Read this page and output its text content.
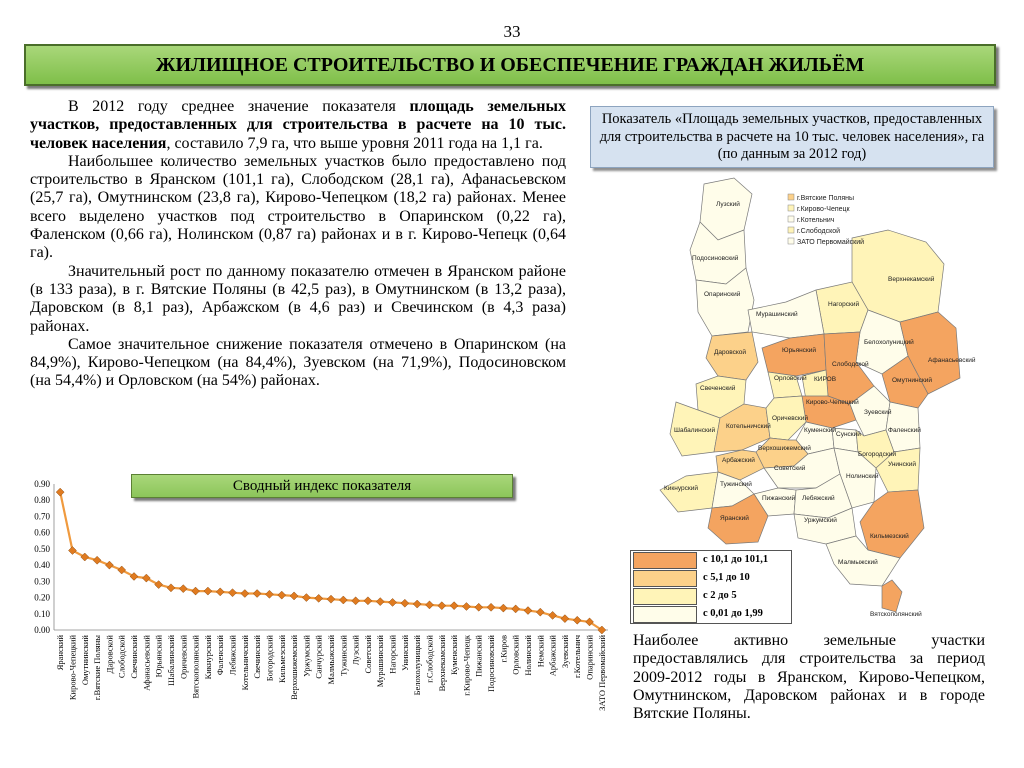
33
ЖИЛИЩНОЕ СТРОИТЕЛЬСТВО И ОБЕСПЕЧЕНИЕ ГРАЖДАН ЖИЛЬЁМ

В 2012 году среднее значение показателя площадь земельных участков, предоставленных для строительства в расчете на 10 тыс. человек населения, составило 7,9 га, что выше уровня 2011 года на 1,1 га.

Наибольшее количество земельных участков было предоставлено под строительство в Яранском (101,1 га), Слободском (28,1 га), Афанасьевском (25,7 га), Омутнинском (23,8 га), Кирово-Чепецком (18,2 га) районах. Менее всего выделено участков под строительство в Опаринском (0,22 га), Фаленском (0,66 га), Нолинском (0,87 га) районах и в г. Кирово-Чепецк (0,64 га).

Значительный рост по данному показателю отмечен в Яранском районе (в 133 раза), в г. Вятские Поляны (в 42,5 раз), в Омутнинском (в 13,2 раза), Даровском (в 8,1 раз), Арбажском (в 4,6 раз) и Свечинском (в 4,3 раза) районах.

Самое значительное снижение показателя отмечено в Опаринском (на 84,9%), Кирово-Чепецком (на 84,4%), Зуевском (на 71,9%), Подосиновском (на 54,4%) и Орловском (на 54%) районах.

Показатель «Площадь земельных участков, предоставленных для строительства в расчете на 10 тыс. человек населения», га (по данным за 2012 год)
Лузский
Подосиновский
Опаринский
Верхнекамский
Мурашинский
Нагорский
Белохолуницкий
Афанасьевский
Даровской	Юрьянский
Слободской
Омутнинский
Орловский КИРОВ
Свеченский
Кирово-Чепецкий
Шабалинский
Котельничский
Оричевский
Зуевский
Куменский	Фаленский
Сунский
Богородский
Верхошижемский
Арбажский
Советский
Унинский
Кикнурский
Тужинский
Нолинский
Пижанский Лебяжский
Яранский	Уржумский
Кильмезский
Малмыжский
Вятскополянский
г.Вятские Поляны
г.Кирово-Чепецк
г.Котельнич
г.Слободской
ЗАТО Первомайский
0.00
0.10
0.20
0.30
0.40
0.50
0.60
0.70
0.80
0.90
Яранский Кирово-Чепецкий Омутнинский г.Вятские Поляны Даровской Слободской Свечинский Афанасьевский Юрьянский Шабалинский Оричевский Вятскополянский Кикнурский Фаленский Лебяжский Котельничский Свечинский Богородский Кильмезский Верхошижемский Уржумский Санчурский Малмыжский Тужинский Лузский Советский Мурашинский Нагорский Унинский Белохолуницкий г.Слободской Верхнекамский Куменский г.Кирово-Чепецк Пижанский Подосиновский г.Киров Орловский Нолинский Немский Арбажский Зуевский г.Котельнич Опаринский ЗАТО Первомайский
Сводный индекс показателя
с 10,1 до 101,1
с 5,1 до 10
с 2 до 5
с 0,01 до 1,99
Наиболее активно земельные участки предоставлялись для строительства за период 2009-2012 годы в Яранском, Кирово-Чепецком, Омутнинском, Даровском районах и в городе Вятские Поляны.
